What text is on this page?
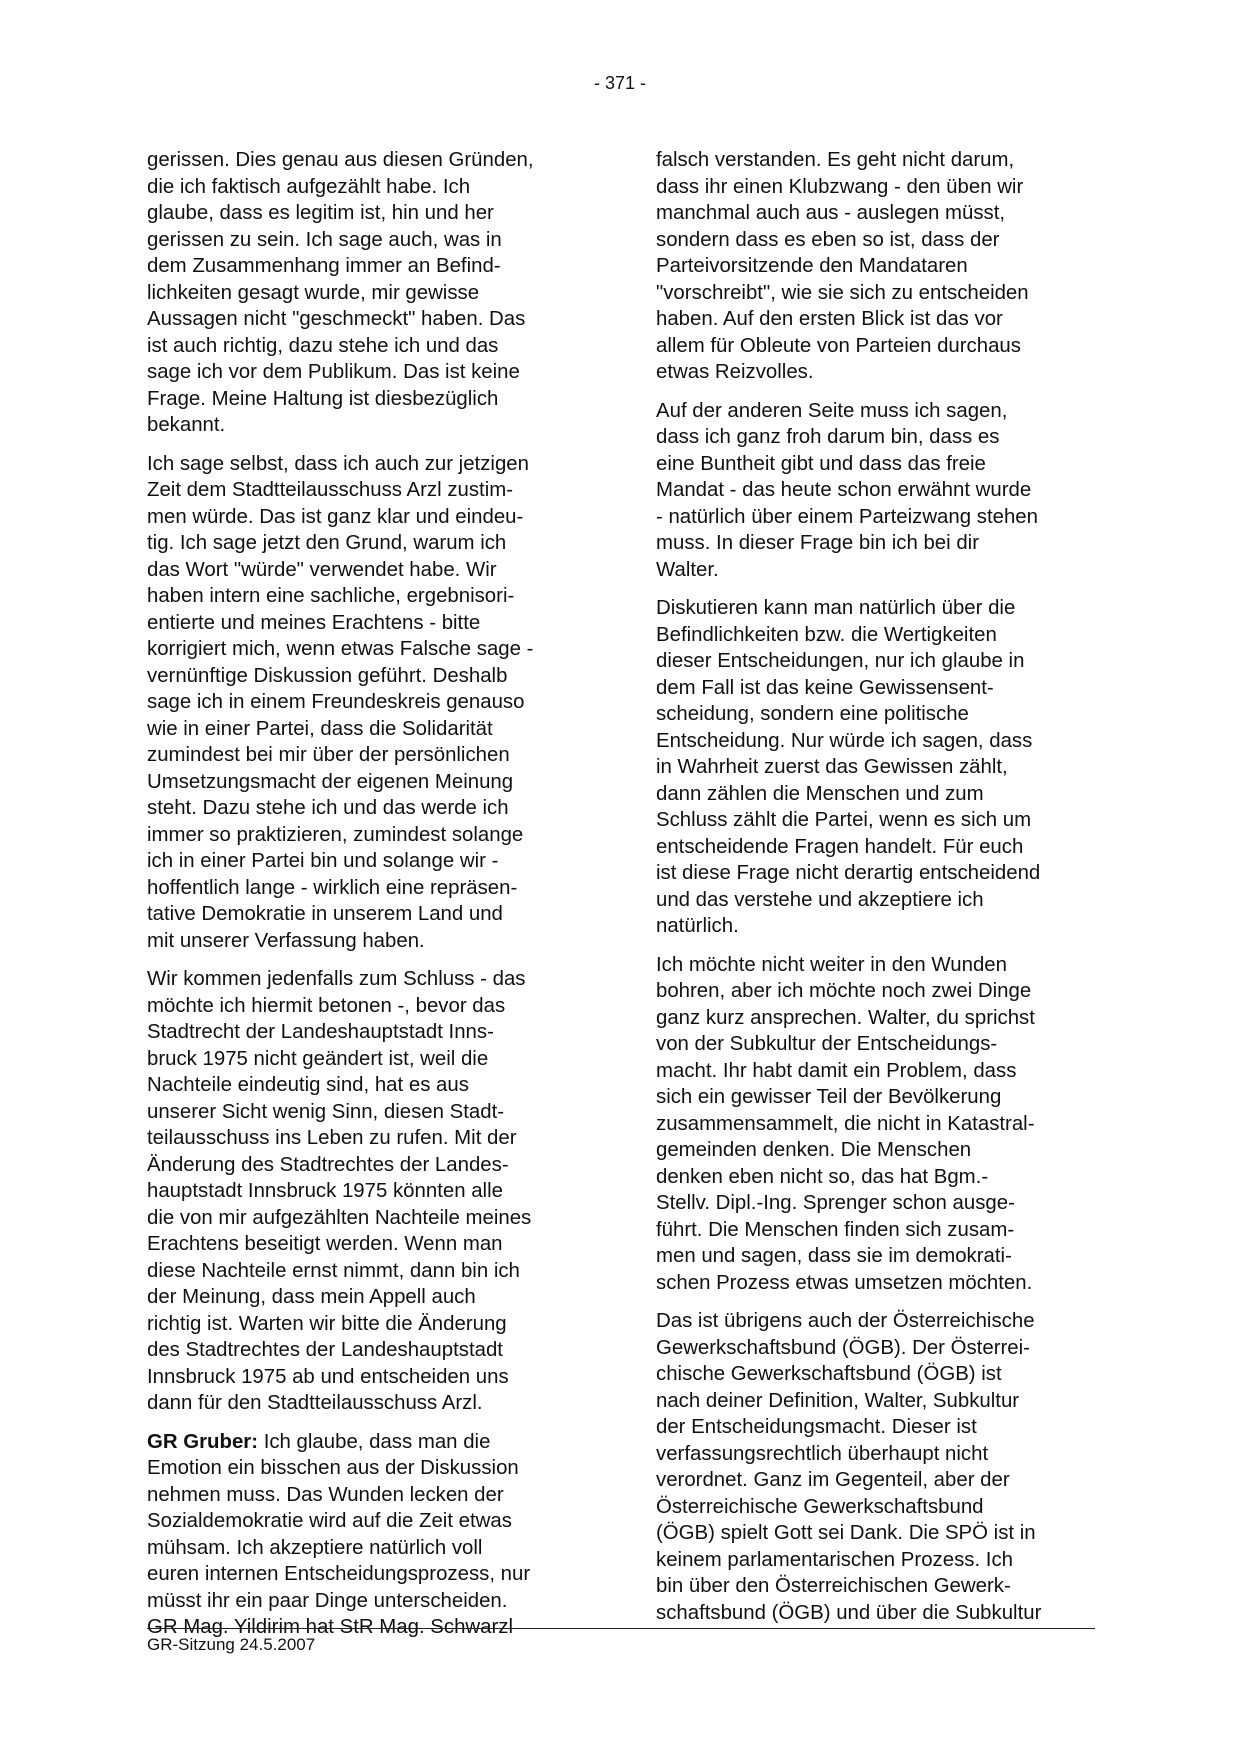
- 371 -

gerissen. Dies genau aus diesen Gründen,
die ich faktisch aufgezählt habe. Ich
glaube, dass es legitim ist, hin und her
gerissen zu sein. Ich sage auch, was in
dem Zusammenhang immer an Befind-
lichkeiten gesagt wurde, mir gewisse
Aussagen nicht "geschmeckt" haben. Das
ist auch richtig, dazu stehe ich und das
sage ich vor dem Publikum. Das ist keine
Frage. Meine Haltung ist diesbezüglich
bekannt.

Ich sage selbst, dass ich auch zur jetzigen
Zeit dem Stadtteilausschuss Arzl zustim-
men würde. Das ist ganz klar und eindeu-
tig. Ich sage jetzt den Grund, warum ich
das Wort "würde" verwendet habe. Wir
haben intern eine sachliche, ergebnisori-
entierte und meines Erachtens - bitte
korrigiert mich, wenn etwas Falsche sage -
vernünftige Diskussion geführt. Deshalb
sage ich in einem Freundeskreis genauso
wie in einer Partei, dass die Solidarität
zumindest bei mir über der persönlichen
Umsetzungsmacht der eigenen Meinung
steht. Dazu stehe ich und das werde ich
immer so praktizieren, zumindest solange
ich in einer Partei bin und solange wir -
hoffentlich lange - wirklich eine repräsen-
tative Demokratie in unserem Land und
mit unserer Verfassung haben.

Wir kommen jedenfalls zum Schluss - das
möchte ich hiermit betonen -, bevor das
Stadtrecht der Landeshauptstadt Inns-
bruck 1975 nicht geändert ist, weil die
Nachteile eindeutig sind, hat es aus
unserer Sicht wenig Sinn, diesen Stadt-
teilausschuss ins Leben zu rufen. Mit der
Änderung des Stadtrechtes der Landes-
hauptstadt Innsbruck 1975 könnten alle
die von mir aufgezählten Nachteile meines
Erachtens beseitigt werden. Wenn man
diese Nachteile ernst nimmt, dann bin ich
der Meinung, dass mein Appell auch
richtig ist. Warten wir bitte die Änderung
des Stadtrechtes der Landeshauptstadt
Innsbruck 1975 ab und entscheiden uns
dann für den Stadtteilausschuss Arzl.

GR Gruber: Ich glaube, dass man die
Emotion ein bisschen aus der Diskussion
nehmen muss. Das Wunden lecken der
Sozialdemokratie wird auf die Zeit etwas
mühsam. Ich akzeptiere natürlich voll
euren internen Entscheidungsprozess, nur
müsst ihr ein paar Dinge unterscheiden.
GR Mag. Yildirim hat StR Mag. Schwarzl

falsch verstanden. Es geht nicht darum,
dass ihr einen Klubzwang - den üben wir
manchmal auch aus - auslegen müsst,
sondern dass es eben so ist, dass der
Parteivorsitzende den Mandataren
"vorschreibt", wie sie sich zu entscheiden
haben. Auf den ersten Blick ist das vor
allem für Obleute von Parteien durchaus
etwas Reizvolles.

Auf der anderen Seite muss ich sagen,
dass ich ganz froh darum bin, dass es
eine Buntheit gibt und dass das freie
Mandat - das heute schon erwähnt wurde
- natürlich über einem Parteizwang stehen
muss. In dieser Frage bin ich bei dir
Walter.

Diskutieren kann man natürlich über die
Befindlichkeiten bzw. die Wertigkeiten
dieser Entscheidungen, nur ich glaube in
dem Fall ist das keine Gewissensent-
scheidung, sondern eine politische
Entscheidung. Nur würde ich sagen, dass
in Wahrheit zuerst das Gewissen zählt,
dann zählen die Menschen und zum
Schluss zählt die Partei, wenn es sich um
entscheidende Fragen handelt. Für euch
ist diese Frage nicht derartig entscheidend
und das verstehe und akzeptiere ich
natürlich.

Ich möchte nicht weiter in den Wunden
bohren, aber ich möchte noch zwei Dinge
ganz kurz ansprechen. Walter, du sprichst
von der Subkultur der Entscheidungs-
macht. Ihr habt damit ein Problem, dass
sich ein gewisser Teil der Bevölkerung
zusammensammelt, die nicht in Katastral-
gemeinden denken. Die Menschen
denken eben nicht so, das hat Bgm.-
Stellv. Dipl.-Ing. Sprenger schon ausge-
führt. Die Menschen finden sich zusam-
men und sagen, dass sie im demokrati-
schen Prozess etwas umsetzen möchten.

Das ist übrigens auch der Österreichische
Gewerkschaftsbund (ÖGB). Der Österrei-
chische Gewerkschaftsbund (ÖGB) ist
nach deiner Definition, Walter, Subkultur
der Entscheidungsmacht. Dieser ist
verfassungsrechtlich überhaupt nicht
verordnet. Ganz im Gegenteil, aber der
Österreichische Gewerkschaftsbund
(ÖGB) spielt Gott sei Dank. Die SPÖ ist in
keinem parlamentarischen Prozess. Ich
bin über den Österreichischen Gewerk-
schaftsbund (ÖGB) und über die Subkultur

GR-Sitzung 24.5.2007
